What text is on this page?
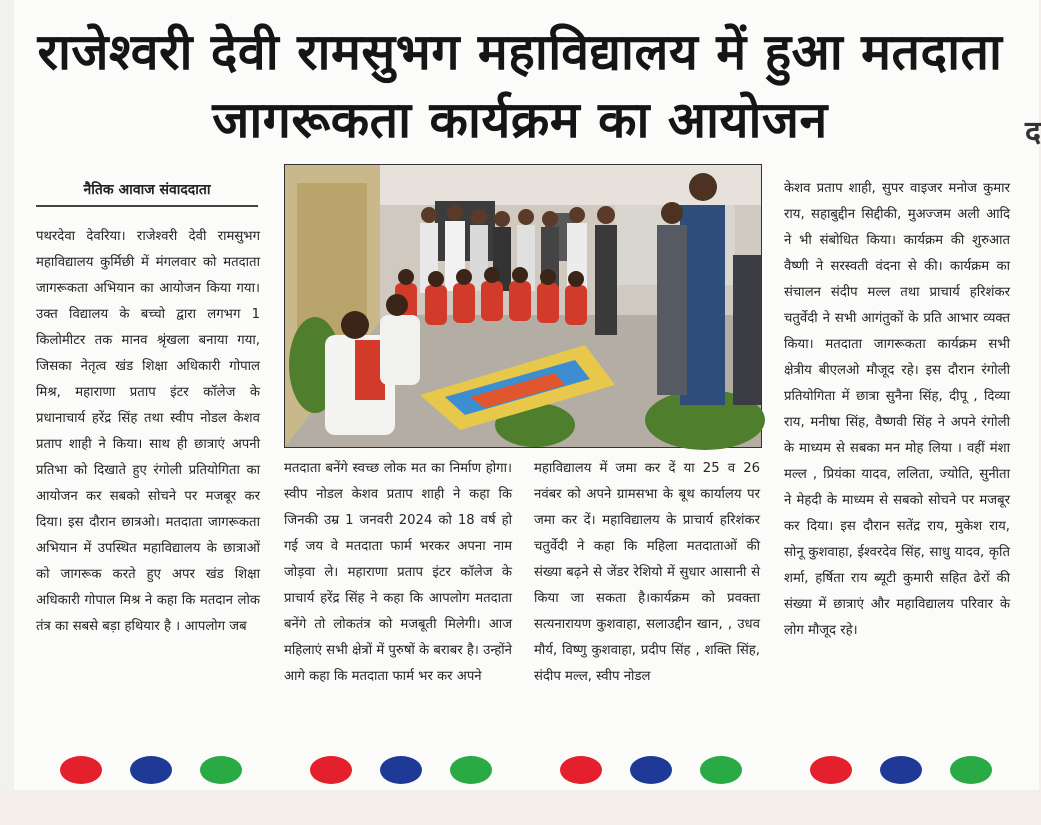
राजेश्वरी देवी रामसुभग महाविद्यालय में हुआ मतदाता
जागरूकता कार्यक्रम का आयोजन	द
नैतिक आवाज संवाददाता
पथरदेवा देवरिया। राजेश्वरी देवी रामसुभग महाविद्यालय कुर्मिछी में मंगलवार को मतदाता जागरूकता अभियान का आयोजन किया गया। उक्त विद्यालय के बच्चो द्वारा लगभग 1 किलोमीटर तक मानव श्रृंखला बनाया गया, जिसका नेतृत्व खंड शिक्षा अधिकारी गोपाल मिश्र, महाराणा प्रताप इंटर कॉलेज के प्रधानाचार्य हरेंद्र सिंह तथा स्वीप नोडल केशव प्रताप शाही ने किया। साथ ही छात्राएं अपनी प्रतिभा को दिखाते हुए रंगोली प्रतियोगिता का आयोजन कर सबको सोचने पर मजबूर कर दिया। इस दौरान छात्रओ। मतदाता जागरूकता अभियान में उपस्थित महाविद्यालय के छात्राओं को जागरूक करते हुए अपर खंड शिक्षा अधिकारी गोपाल मिश्र ने कहा कि मतदान लोक तंत्र का सबसे बड़ा हथियार है । आपलोग जब
मतदाता बनेंगे स्वच्छ लोक मत का निर्माण होगा। स्वीप नोडल केशव प्रताप शाही ने कहा कि जिनकी उम्र 1 जनवरी 2024 को 18 वर्ष हो गई जय वे मतदाता फार्म भरकर अपना नाम जोड़वा ले। महाराणा प्रताप इंटर कॉलेज के प्राचार्य हरेंद्र सिंह ने कहा कि आपलोग मतदाता बनेंगे तो लोकतंत्र को मजबूती मिलेगी। आज महिलाएं सभी क्षेत्रों में पुरुषों के बराबर है। उन्होंने आगे कहा कि मतदाता फार्म भर कर अपने
महाविद्यालय में जमा कर दें या 25 व 26 नवंबर को अपने ग्रामसभा के बूथ कार्यालय पर जमा कर दें। महाविद्यालय के प्राचार्य हरिशंकर चतुर्वेदी ने कहा कि महिला मतदाताओं की संख्या बढ़ने से जेंडर रेशियो में सुधार आसानी से किया जा सकता है।कार्यक्रम को प्रवक्ता सत्यनारायण कुशवाहा, सलाउद्दीन खान, , उधव मौर्य, विष्णु कुशवाहा, प्रदीप सिंह , शक्ति सिंह, संदीप मल्ल, स्वीप नोडल
केशव प्रताप शाही, सुपर वाइजर मनोज कुमार राय, सहाबुद्दीन सिद्दीकी, मुअज्जम अली आदि ने भी संबोधित किया। कार्यक्रम की शुरुआत वैष्णी ने सरस्वती वंदना से की। कार्यक्रम का संचालन संदीप मल्ल तथा प्राचार्य हरिशंकर चतुर्वेदी ने सभी आगंतुकों के प्रति आभार व्यक्त किया। मतदाता जागरूकता कार्यक्रम सभी क्षेत्रीय बीएलओ मौजूद रहे। इस दौरान रंगोली प्रतियोगिता में छात्रा सुनैना सिंह, दीपू , दिव्या राय, मनीषा सिंह, वैष्णवी सिंह ने अपने रंगोली के माध्यम से सबका मन मोह लिया । वहीं मंशा मल्ल , प्रियंका यादव, ललिता, ज्योति, सुनीता ने मेहदी के माध्यम से सबको सोचने पर मजबूर कर दिया। इस दौरान सतेंद्र राय, मुकेश राय, सोनू कुशवाहा, ईश्वरदेव सिंह, साधु यादव, कृति शर्मा, हर्षिता राय ब्यूटी कुमारी सहित ढेरों की संख्या में छात्राएं और महाविद्यालय परिवार के लोग मौजूद रहे।
